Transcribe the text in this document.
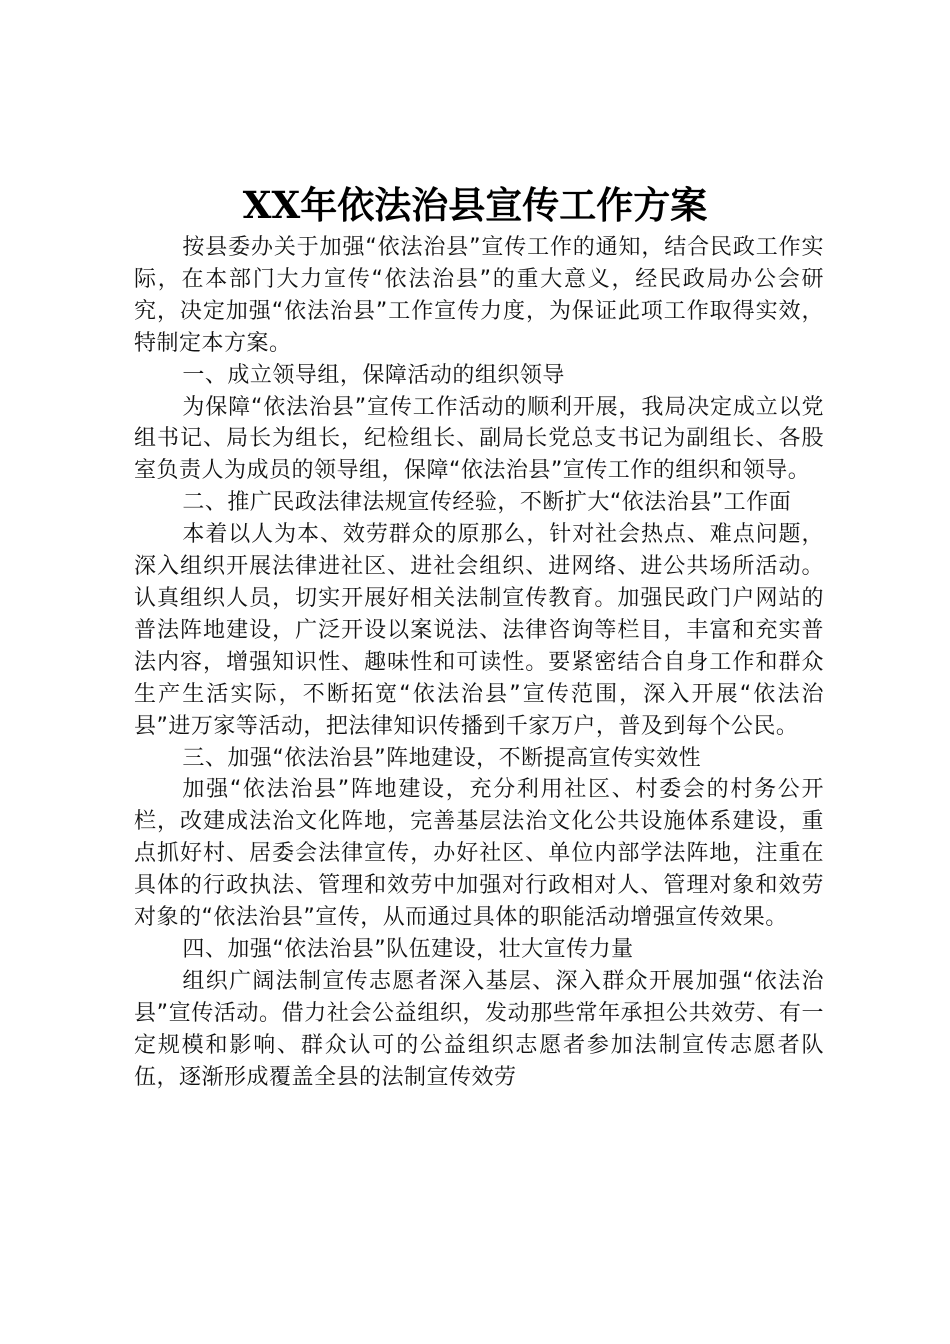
XX年依法治县宣传工作方案

按县委办关于加强“依法治县”宣传工作的通知，结合民政工作实际，在本部门大力宣传“依法治县”的重大意义，经民政局办公会研究，决定加强“依法治县”工作宣传力度，为保证此项工作取得实效，特制定本方案。

一、成立领导组，保障活动的组织领导

为保障“依法治县”宣传工作活动的顺利开展，我局决定成立以党组书记、局长为组长，纪检组长、副局长党总支书记为副组长、各股室负责人为成员的领导组，保障“依法治县”宣传工作的组织和领导。

二、推广民政法律法规宣传经验，不断扩大“依法治县”工作面

本着以人为本、效劳群众的原那么，针对社会热点、难点问题，深入组织开展法律进社区、进社会组织、进网络、进公共场所活动。认真组织人员，切实开展好相关法制宣传教育。加强民政门户网站的普法阵地建设，广泛开设以案说法、法律咨询等栏目，丰富和充实普法内容，增强知识性、趣味性和可读性。要紧密结合自身工作和群众生产生活实际，不断拓宽“依法治县”宣传范围，深入开展“依法治县”进万家等活动，把法律知识传播到千家万户，普及到每个公民。

三、加强“依法治县”阵地建设，不断提高宣传实效性

加强“依法治县”阵地建设，充分利用社区、村委会的村务公开栏，改建成法治文化阵地，完善基层法治文化公共设施体系建设，重点抓好村、居委会法律宣传，办好社区、单位内部学法阵地，注重在具体的行政执法、管理和效劳中加强对行政相对人、管理对象和效劳对象的“依法治县”宣传，从而通过具体的职能活动增强宣传效果。

四、加强“依法治县”队伍建设，壮大宣传力量

组织广阔法制宣传志愿者深入基层、深入群众开展加强“依法治县”宣传活动。借力社会公益组织，发动那些常年承担公共效劳、有一定规模和影响、群众认可的公益组织志愿者参加法制宣传志愿者队伍，逐渐形成覆盖全县的法制宣传效劳
